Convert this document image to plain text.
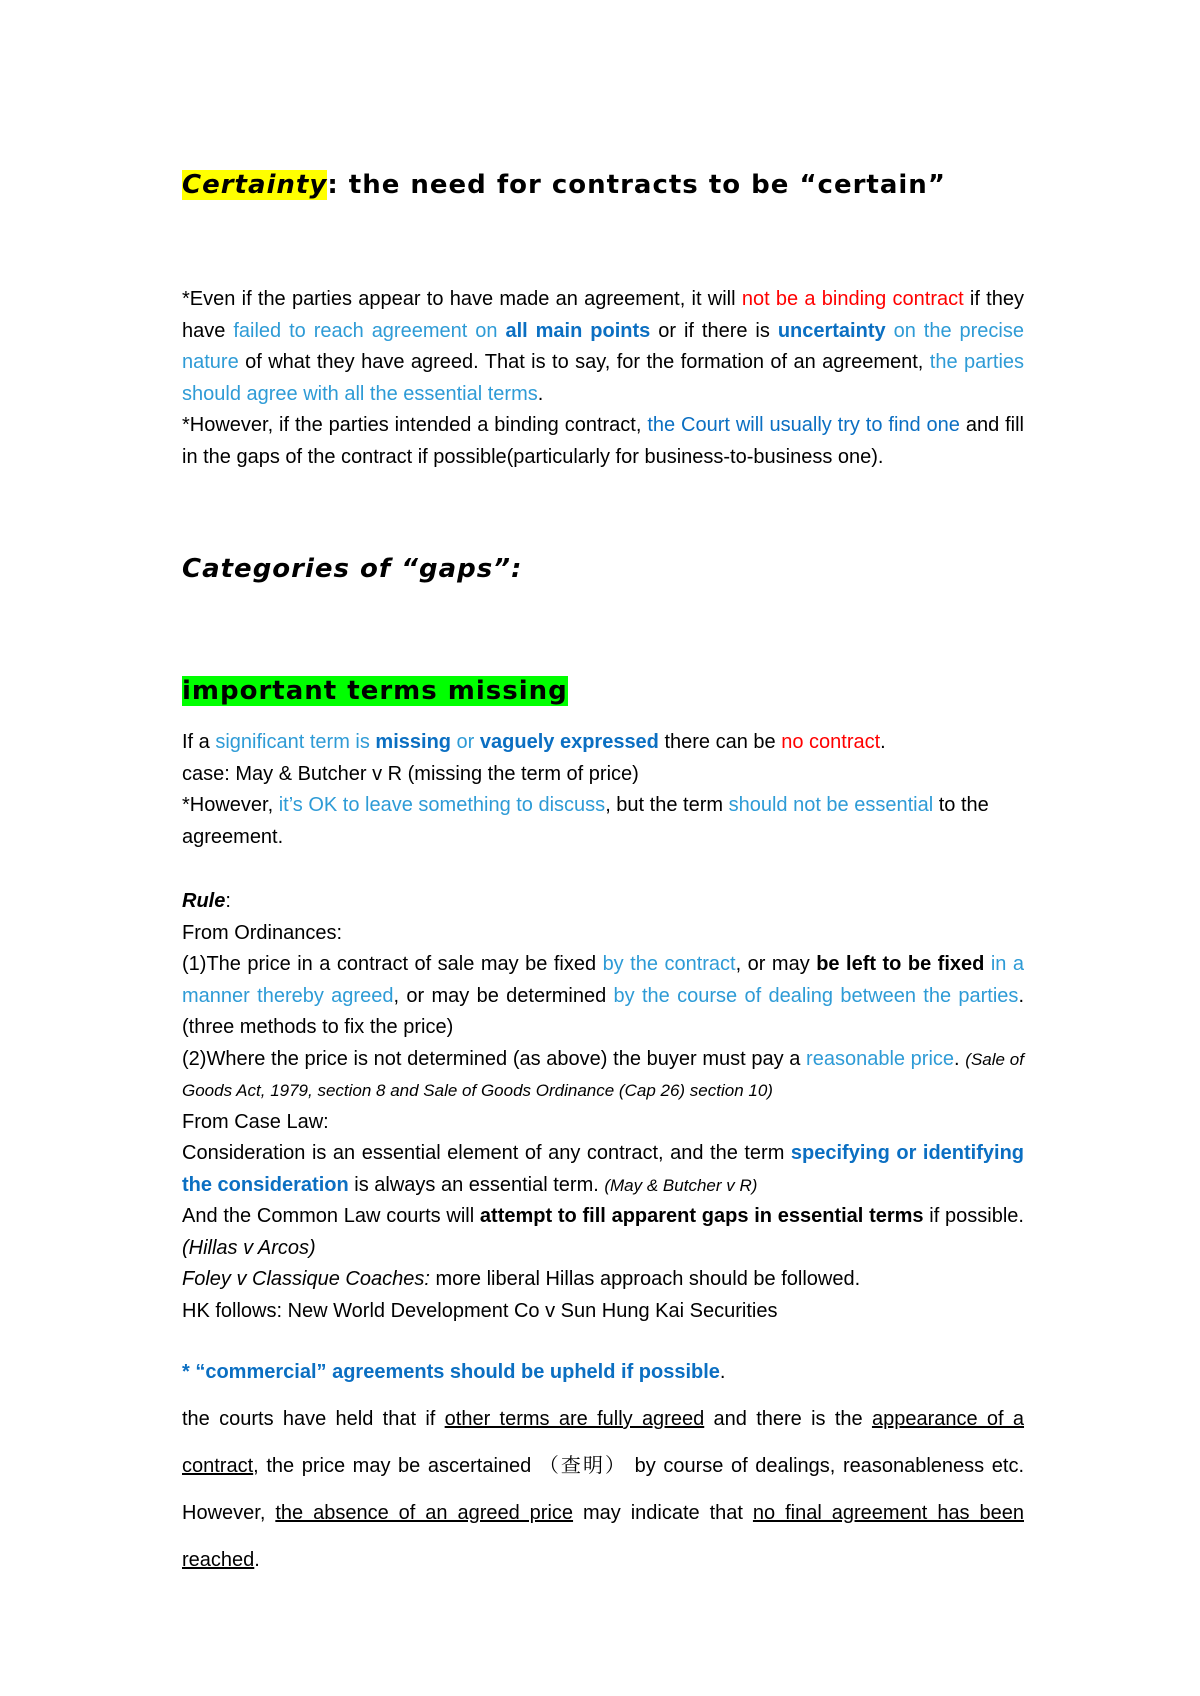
Certainty: the need for contracts to be “certain”

*Even if the parties appear to have made an agreement, it will not be a binding contract if they have failed to reach agreement on all main points or if there is uncertainty on the precise nature of what they have agreed. That is to say, for the formation of an agreement, the parties should agree with all the essential terms.
*However, if the parties intended a binding contract, the Court will usually try to find one and fill in the gaps of the contract if possible(particularly for business-to-business one).

Categories of “gaps”:
important terms missing

If a significant term is missing or vaguely expressed there can be no contract.
case: May & Butcher v R (missing the term of price)
*However, it’s OK to leave something to discuss, but the term should not be essential to the agreement.

Rule:
From Ordinances:
(1)The price in a contract of sale may be fixed by the contract, or may be left to be fixed in a manner thereby agreed, or may be determined by the course of dealing between the parties. (three methods to fix the price)
(2)Where the price is not determined (as above) the buyer must pay a reasonable price. (Sale of Goods Act, 1979, section 8 and Sale of Goods Ordinance (Cap 26) section 10)
From Case Law:
Consideration is an essential element of any contract, and the term specifying or identifying the consideration is always an essential term. (May & Butcher v R)
And the Common Law courts will attempt to fill apparent gaps in essential terms if possible. (Hillas v Arcos)
Foley v Classique Coaches: more liberal Hillas approach should be followed.
HK follows: New World Development Co v Sun Hung Kai Securities

* “commercial” agreements should be upheld if possible.

the courts have held that if other terms are fully agreed and there is the appearance of a contract, the price may be ascertained （查明） by course of dealings, reasonableness etc. However, the absence of an agreed price may indicate that no final agreement has been reached.
